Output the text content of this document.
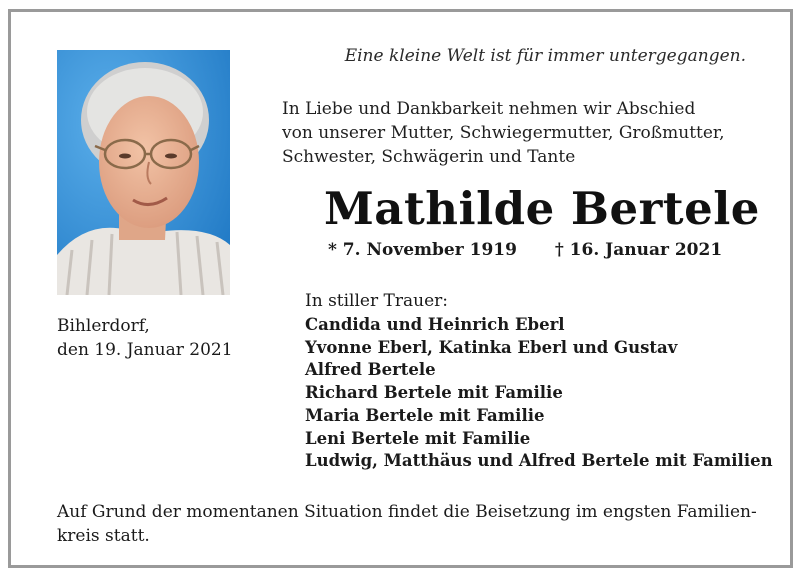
Eine kleine Welt ist für immer untergegangen.
In Liebe und Dankbarkeit nehmen wir Abschied
von unserer Mutter, Schwiegermutter, Großmutter,
Schwester, Schwägerin und Tante
Mathilde Bertele
* 7. November 1919 † 16. Januar 2021
Bihlerdorf,
den 19. Januar 2021
In stiller Trauer:
Candida und Heinrich Eberl
Yvonne Eberl, Katinka Eberl und Gustav
Alfred Bertele
Richard Bertele mit Familie
Maria Bertele mit Familie
Leni Bertele mit Familie
Ludwig, Matthäus und Alfred Bertele mit Familien
Auf Grund der momentanen Situation findet die Beisetzung im engsten Familien-
kreis statt.
